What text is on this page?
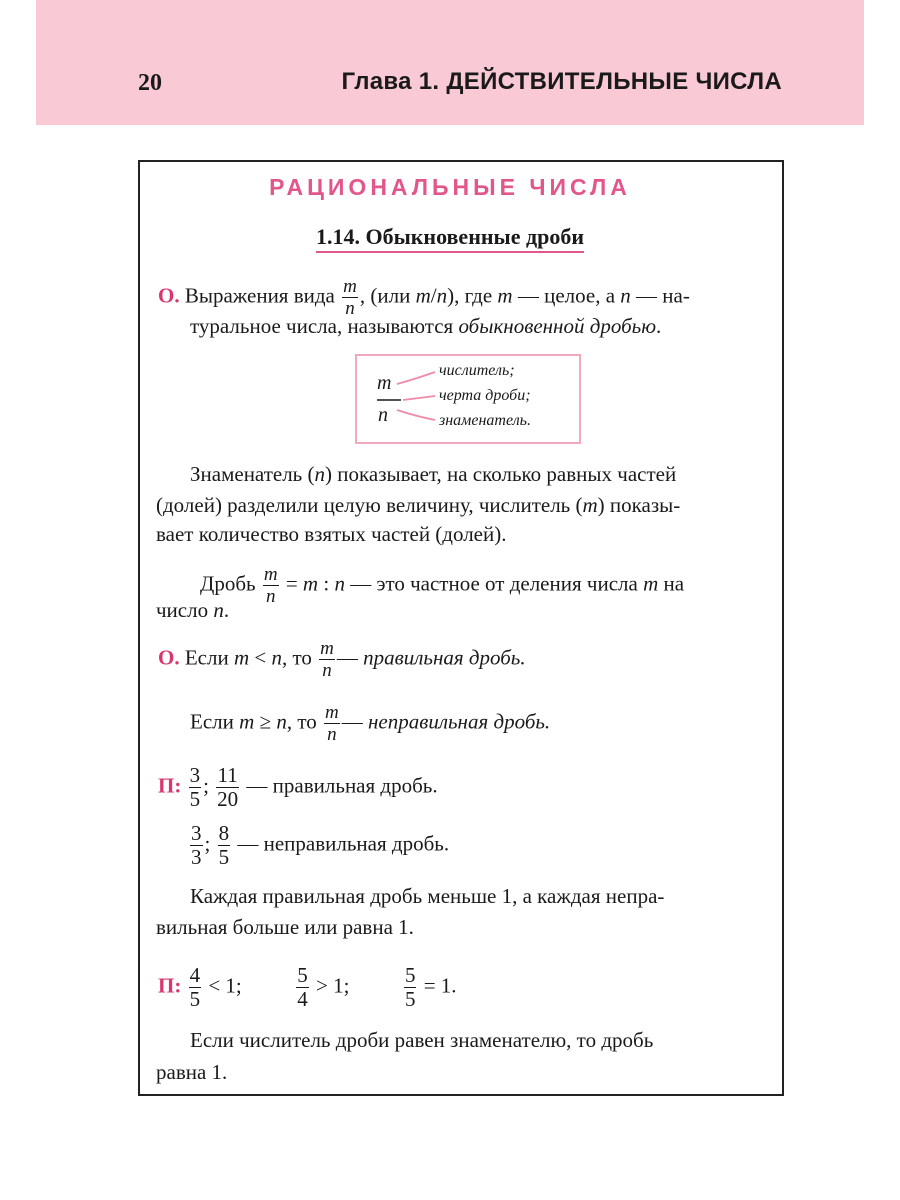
20	Глава 1. ДЕЙСТВИТЕЛЬНЫЕ ЧИСЛА
РАЦИОНАЛЬНЫЕ ЧИСЛА
1.14. Обыкновенные дроби
О. Выражения вида $\frac{m}{n}$ , (или m/n), где m — целое, а n — на-
туральное числа, называются обыкновенной дробью.
m
n
числитель;
черта дроби;
знаменатель.
Знаменатель (n) показывает, на сколько равных частей
(долей) разделили целую величину, числитель (m) показы-
вает количество взятых частей (долей).
Дробь $\frac{m}{n} = m$ : n — это частное от деления числа m на
число n.
О. Если m < n, то $\frac{m}{n}$ — правильная дробь.
Если m ≥ n, то $\frac{m}{n}$ — неправильная дробь.
П: $\frac{3}{5}$ ; $\frac{11}{20}$ — правильная дробь.
$\frac{3}{3}$ ; $\frac{8}{5}$ — неправильная дробь.
Каждая правильная дробь меньше 1, а каждая непра-
вильная больше или равна 1.
П: $\frac{4}{5} < 1$;	$\frac{5}{4} > 1$;	$\frac{5}{5} = 1$.
Если числитель дроби равен знаменателю, то дробь
равна 1.
